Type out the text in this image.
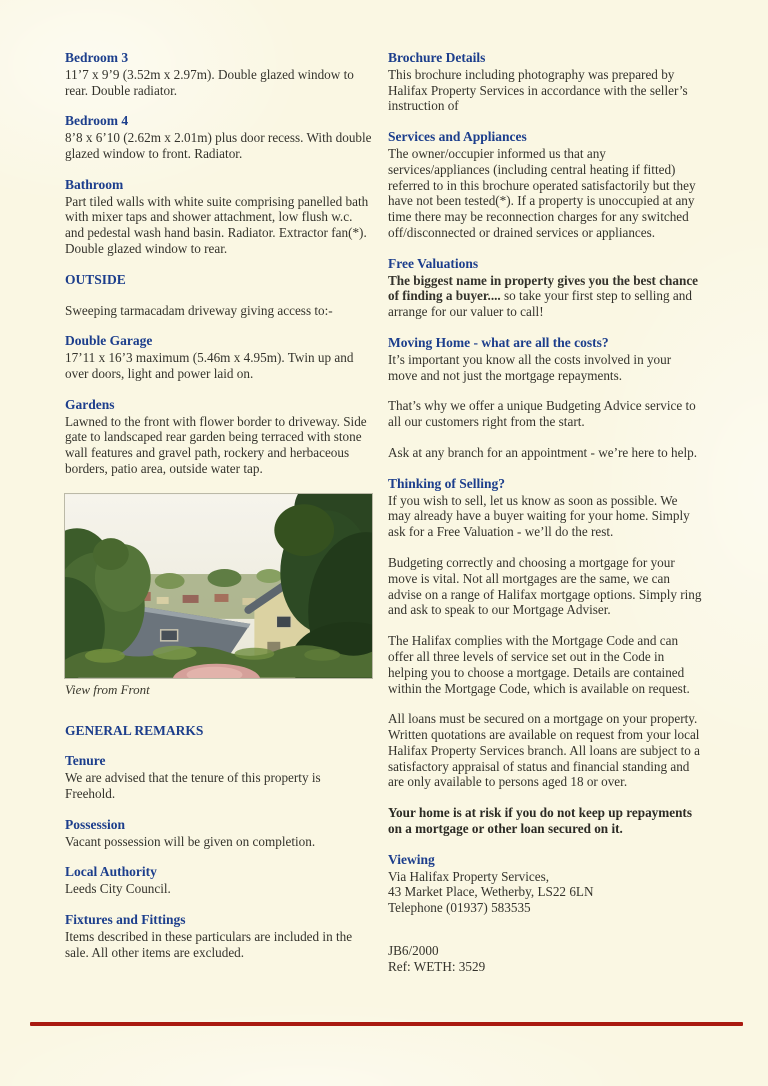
Bedroom 3

11’7 x 9’9 (3.52m x 2.97m). Double glazed window to rear. Double radiator.

Bedroom 4

8’8 x 6’10 (2.62m x 2.01m) plus door recess. With double glazed window to front. Radiator.

Bathroom

Part tiled walls with white suite comprising panelled bath with mixer taps and shower attachment, low flush w.c. and pedestal wash hand basin. Radiator. Extractor fan(*). Double glazed window to rear.

OUTSIDE

Sweeping tarmacadam driveway giving access to:-

Double Garage

17’11 x 16’3 maximum (5.46m x 4.95m). Twin up and over doors, light and power laid on.

Gardens

Lawned to the front with flower border to driveway. Side gate to landscaped rear garden being terraced with stone wall features and gravel path, rockery and herbaceous borders, patio area, outside water tap.

View from Front
GENERAL REMARKS
Tenure

We are advised that the tenure of this property is Freehold.

Possession

Vacant possession will be given on completion.

Local Authority

Leeds City Council.

Fixtures and Fittings

Items described in these particulars are included in the sale. All other items are excluded.

Brochure Details

This brochure including photography was prepared by Halifax Property Services in accordance with the seller’s instruction of

Services and Appliances

The owner/occupier informed us that any services/appliances (including central heating if fitted) referred to in this brochure operated satisfactorily but they have not been tested(*). If a property is unoccupied at any time there may be reconnection charges for any switched off/disconnected or drained services or appliances.

Free Valuations

The biggest name in property gives you the best chance of finding a buyer.... so take your first step to selling and arrange for our valuer to call!

Moving Home - what are all the costs?

It’s important you know all the costs involved in your move and not just the mortgage repayments.

That’s why we offer a unique Budgeting Advice service to all our customers right from the start.

Ask at any branch for an appointment - we’re here to help.

Thinking of Selling?

If you wish to sell, let us know as soon as possible. We may already have a buyer waiting for your home. Simply ask for a Free Valuation - we’ll do the rest.

Budgeting correctly and choosing a mortgage for your move is vital. Not all mortgages are the same, we can advise on a range of Halifax mortgage options. Simply ring and ask to speak to our Mortgage Adviser.

The Halifax complies with the Mortgage Code and can offer all three levels of service set out in the Code in helping you to choose a mortgage. Details are contained within the Mortgage Code, which is available on request.

All loans must be secured on a mortgage on your property. Written quotations are available on request from your local Halifax Property Services branch. All loans are subject to a satisfactory appraisal of status and financial standing and are only available to persons aged 18 or over.

Your home is at risk if you do not keep up repayments on a mortgage or other loan secured on it.

Viewing
Via Halifax Property Services,
43 Market Place, Wetherby, LS22 6LN
Telephone (01937) 583535
JB6/2000
Ref: WETH: 3529
